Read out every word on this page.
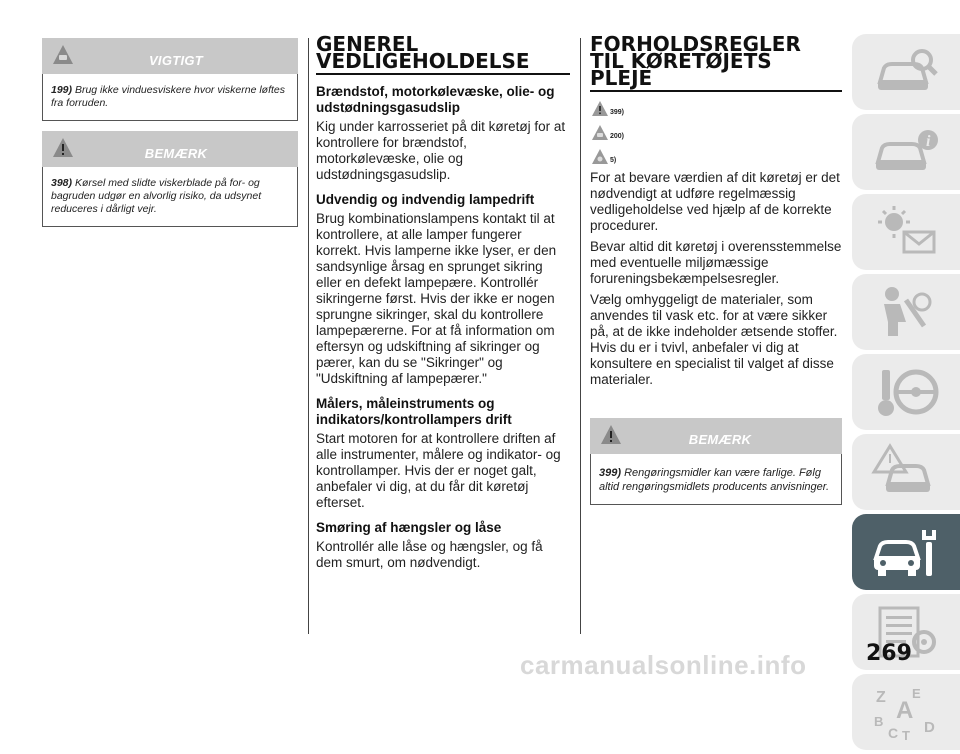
VIGTIGT
199) Brug ikke vinduesviskere hvor viskerne løftes fra forruden.
BEMÆRK
398) Kørsel med slidte viskerblade på for- og bagruden udgør en alvorlig risiko, da udsynet reduceres i dårligt vejr.
GENEREL
VEDLIGEHOLDELSE
Brændstof, motorkølevæske, olie- og udstødningsgasudslip
Kig under karrosseriet på dit køretøj for at kontrollere for brændstof, motorkølevæske, olie og udstødningsgasudslip.
Udvendig og indvendig lampedrift
Brug kombinationslampens kontakt til at kontrollere, at alle lamper fungerer korrekt. Hvis lamperne ikke lyser, er den sandsynlige årsag en sprunget sikring eller en defekt lampepære. Kontrollér sikringerne først. Hvis der ikke er nogen sprungne sikringer, skal du kontrollere lampepærerne. For at få information om eftersyn og udskiftning af sikringer og pærer, kan du se "Sikringer" og "Udskiftning af lampepærer."
Målers, måleinstruments og indikators/kontrollampers drift
Start motoren for at kontrollere driften af alle instrumenter, målere og indikator- og kontrollamper. Hvis der er noget galt, anbefaler vi dig, at du får dit køretøj efterset.
Smøring af hængsler og låse
Kontrollér alle låse og hængsler, og få dem smurt, om nødvendigt.
FORHOLDSREGLER
TIL KØRETØJETS
PLEJE
399)
200)
5)
For at bevare værdien af dit køretøj er det nødvendigt at udføre regelmæssig vedligeholdelse ved hjælp af de korrekte procedurer.
Bevar altid dit køretøj i overensstemmelse med eventuelle miljømæssige forureningsbekæmpelsesregler.
Vælg omhyggeligt de materialer, som anvendes til vask etc. for at være sikker på, at de ikke indeholder ætsende stoffer. Hvis du er i tvivl, anbefaler vi dig at konsultere en specialist til valget af disse materialer.
BEMÆRK
399) Rengøringsmidler kan være farlige. Følg altid rengøringsmidlets producents anvisninger.
i
Z E
A
B
C T D
269
carmanualsonline.info
